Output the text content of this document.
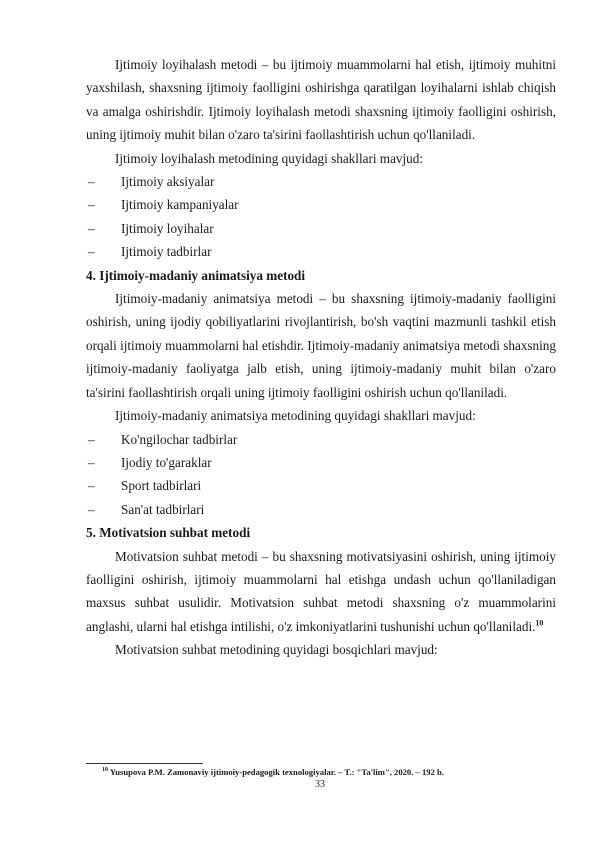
Ijtimoiy loyihalash metodi – bu ijtimoiy muammolarni hal etish, ijtimoiy muhitni yaxshilash, shaxsning ijtimoiy faolligini oshirishga qaratilgan loyihalarni ishlab chiqish va amalga oshirishdir. Ijtimoiy loyihalash metodi shaxsning ijtimoiy faolligini oshirish, uning ijtimoiy muhit bilan o'zaro ta'sirini faollashtirish uchun qo'llaniladi.

Ijtimoiy loyihalash metodining quyidagi shakllari mavjud:

– Ijtimoiy aksiyalar
– Ijtimoiy kampaniyalar
– Ijtimoiy loyihalar
– Ijtimoiy tadbirlar
4. Ijtimoiy-madaniy animatsiya metodi

Ijtimoiy-madaniy animatsiya metodi – bu shaxsning ijtimoiy-madaniy faolligini oshirish, uning ijodiy qobiliyatlarini rivojlantirish, bo'sh vaqtini mazmunli tashkil etish orqali ijtimoiy muammolarni hal etishdir. Ijtimoiy-madaniy animatsiya metodi shaxsning ijtimoiy-madaniy faoliyatga jalb etish, uning ijtimoiy-madaniy muhit bilan o'zaro ta'sirini faollashtirish orqali uning ijtimoiy faolligini oshirish uchun qo'llaniladi.

Ijtimoiy-madaniy animatsiya metodining quyidagi shakllari mavjud:

– Ko'ngilochar tadbirlar
– Ijodiy to'garaklar
– Sport tadbirlari
– San'at tadbirlari
5. Motivatsion suhbat metodi

Motivatsion suhbat metodi – bu shaxsning motivatsiyasini oshirish, uning ijtimoiy faolligini oshirish, ijtimoiy muammolarni hal etishga undash uchun qo'llaniladigan maxsus suhbat usulidir. Motivatsion suhbat metodi shaxsning o'z muammolarini anglashi, ularni hal etishga intilishi, o'z imkoniyatlarini tushunishi uchun qo'llaniladi.$^{10}$

Motivatsion suhbat metodining quyidagi bosqichlari mavjud:

$^{10}$ Yusupova P.M. Zamonaviy ijtimoiy-pedagogik texnologiyalar. – T.: "Ta'lim", 2020. – 192 b.
33
